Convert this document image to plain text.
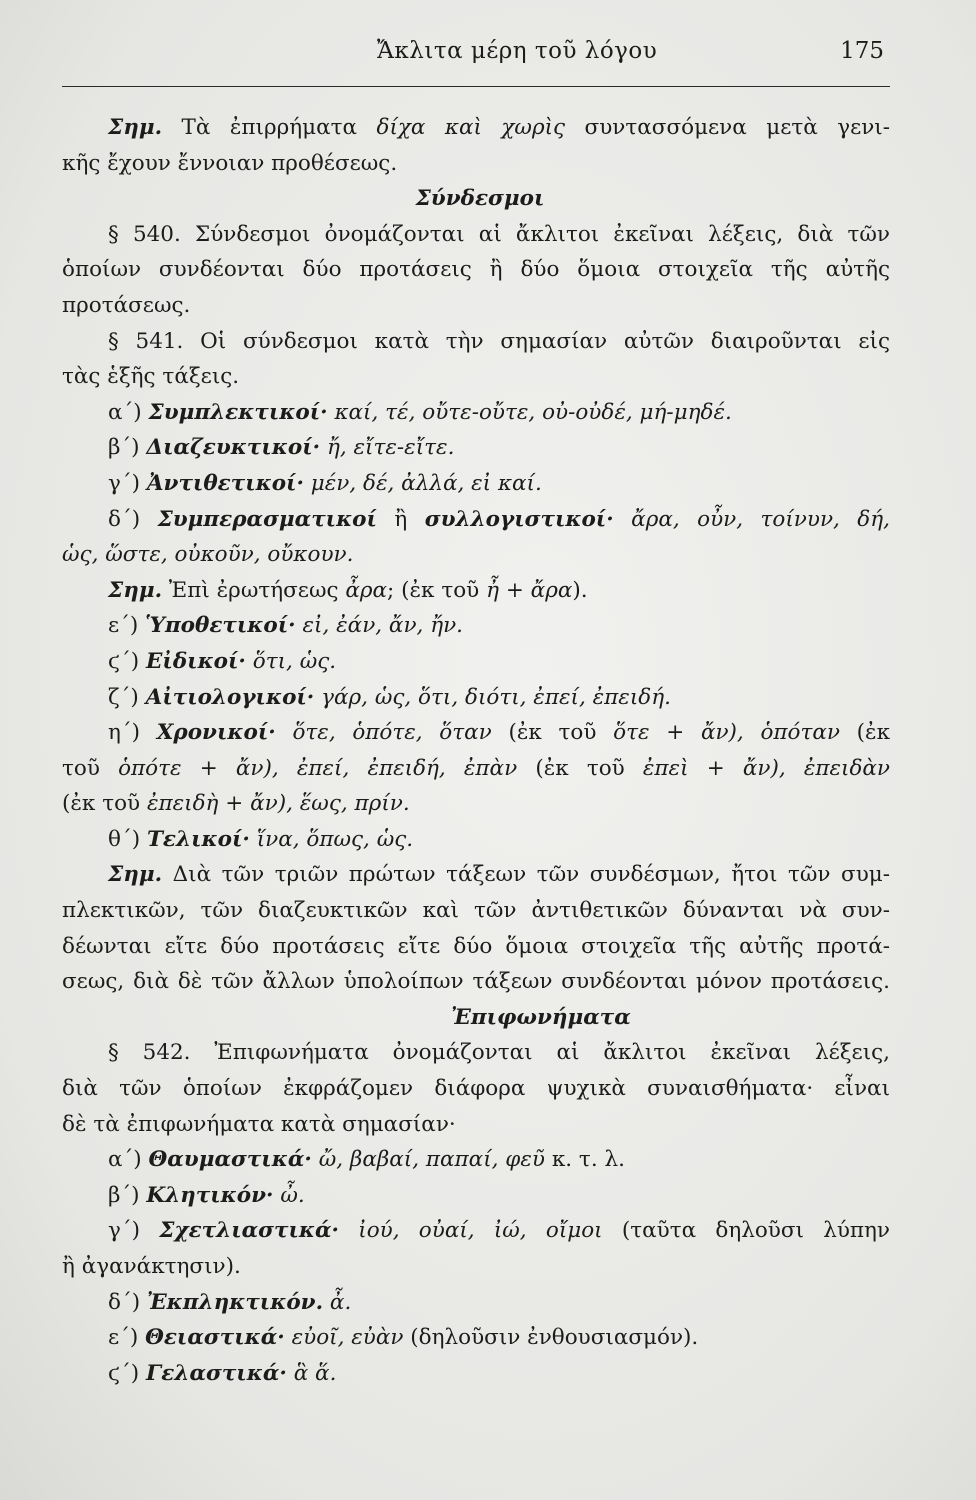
Ἄκλιτα μέρη τοῦ λόγου	175
Σημ. Τὰ ἐπιρρήματα δίχα καὶ χωρὶς συντασσόμενα μετὰ γενι-
κῆς ἔχουν ἔννοιαν προθέσεως.
Σύνδεσμοι
§ 540. Σύνδεσμοι ὀνομάζονται αἱ ἄκλιτοι ἐκεῖναι λέξεις, διὰ τῶν
ὁποίων συνδέονται δύο προτάσεις ἢ δύο ὅμοια στοιχεῖα τῆς αὐτῆς
προτάσεως.
§ 541. Οἱ σύνδεσμοι κατὰ τὴν σημασίαν αὐτῶν διαιροῦνται εἰς
τὰς ἑξῆς τάξεις.
α΄) Συμπλεκτικοί· καί, τέ, οὔτε-οὔτε, οὐ-οὐδέ, μή-μηδέ.
β΄) Διαζευκτικοί· ἤ, εἴτε-εἴτε.
γ΄) Ἀντιθετικοί· μέν, δέ, ἀλλά, εἰ καί.
δ΄) Συμπερασματικοί ἢ συλλογιστικοί· ἄρα, οὖν, τοίνυν, δή,
ὡς, ὥστε, οὐκοῦν, οὔκουν.
Σημ. Ἐπὶ ἐρωτήσεως ἆρα; (ἐκ τοῦ ἦ + ἄρα).
ε΄) Ὑποθετικοί· εἰ, ἐάν, ἄν, ἤν.
ϛ΄) Εἰδικοί· ὅτι, ὡς.
ζ΄) Αἰτιολογικοί· γάρ, ὡς, ὅτι, διότι, ἐπεί, ἐπειδή.
η΄) Χρονικοί· ὅτε, ὁπότε, ὅταν (ἐκ τοῦ ὅτε + ἄν), ὁπόταν (ἐκ
τοῦ ὁπότε + ἄν), ἐπεί, ἐπειδή, ἐπὰν (ἐκ τοῦ ἐπεὶ + ἄν), ἐπειδὰν
(ἐκ τοῦ ἐπειδὴ + ἄν), ἕως, πρίν.
θ΄) Τελικοί· ἵνα, ὅπως, ὡς.
Σημ. Διὰ τῶν τριῶν πρώτων τάξεων τῶν συνδέσμων, ἤτοι τῶν συμ-
πλεκτικῶν, τῶν διαζευκτικῶν καὶ τῶν ἀντιθετικῶν δύνανται νὰ συν-
δέωνται εἴτε δύο προτάσεις εἴτε δύο ὅμοια στοιχεῖα τῆς αὐτῆς προτά-
σεως, διὰ δὲ τῶν ἄλλων ὑπολοίπων τάξεων συνδέονται μόνον προτάσεις.
Ἐπιφωνήματα
§ 542. Ἐπιφωνήματα ὀνομάζονται αἱ ἄκλιτοι ἐκεῖναι λέξεις,
διὰ τῶν ὁποίων ἐκφράζομεν διάφορα ψυχικὰ συναισθήματα· εἶναι
δὲ τὰ ἐπιφωνήματα κατὰ σημασίαν·
α΄) Θαυμαστικά· ὤ, βαβαί, παπαί, φεῦ κ. τ. λ.
β΄) Κλητικόν· ὦ.
γ΄) Σχετλιαστικά· ἰού, οὐαί, ἰώ, οἴμοι (ταῦτα δηλοῦσι λύπην
ἢ ἀγανάκτησιν).
δ΄) Ἐκπληκτικόν. ἆ.
ε΄) Θειαστικά· εὐοῖ, εὐὰν (δηλοῦσιν ἐνθουσιασμόν).
ϛ΄) Γελαστικά· ἃ ἅ.
